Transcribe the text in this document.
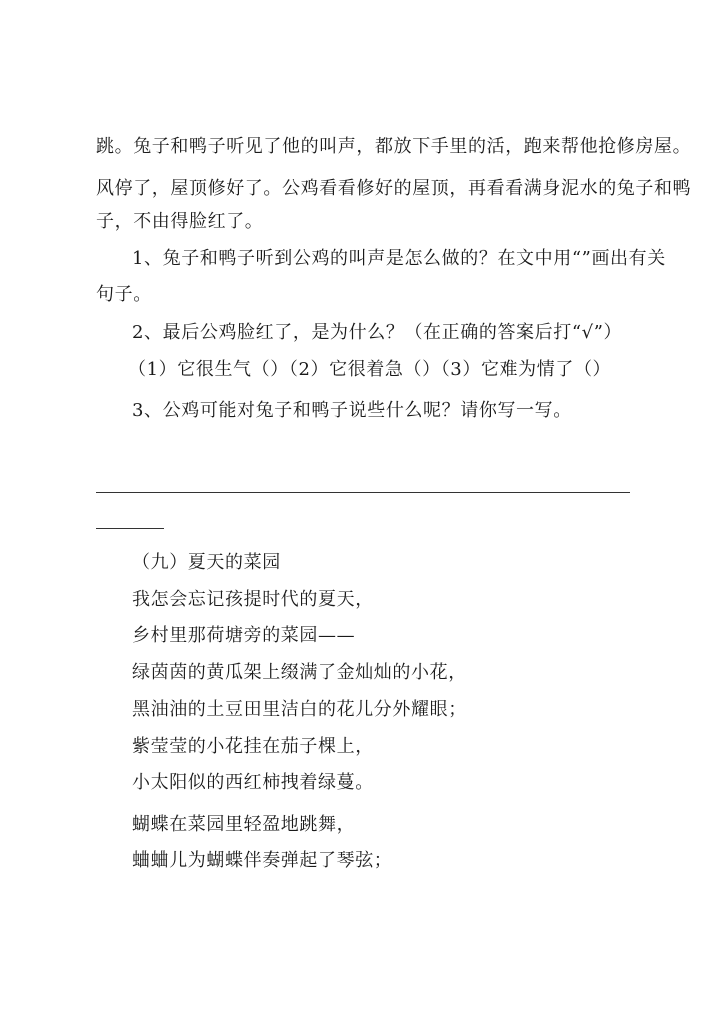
跳。兔子和鸭子听见了他的叫声，都放下手里的活，跑来帮他抢修房屋。
风停了，屋顶修好了。公鸡看看修好的屋顶，再看看满身泥水的兔子和鸭
子，不由得脸红了。
1、兔子和鸭子听到公鸡的叫声是怎么做的？在文中用“”画出有关
句子。
2、最后公鸡脸红了，是为什么？（在正确的答案后打“√”）
（1）它很生气（）（2）它很着急（）（3）它难为情了（）
3、公鸡可能对兔子和鸭子说些什么呢？请你写一写。
（九）夏天的菜园
我怎会忘记孩提时代的夏天，
乡村里那荷塘旁的菜园——
绿茵茵的黄瓜架上缀满了金灿灿的小花，
黑油油的土豆田里洁白的花儿分外耀眼；
紫莹莹的小花挂在茄子棵上，
小太阳似的西红柿拽着绿蔓。
蝴蝶在菜园里轻盈地跳舞，
蛐蛐儿为蝴蝶伴奏弹起了琴弦；
